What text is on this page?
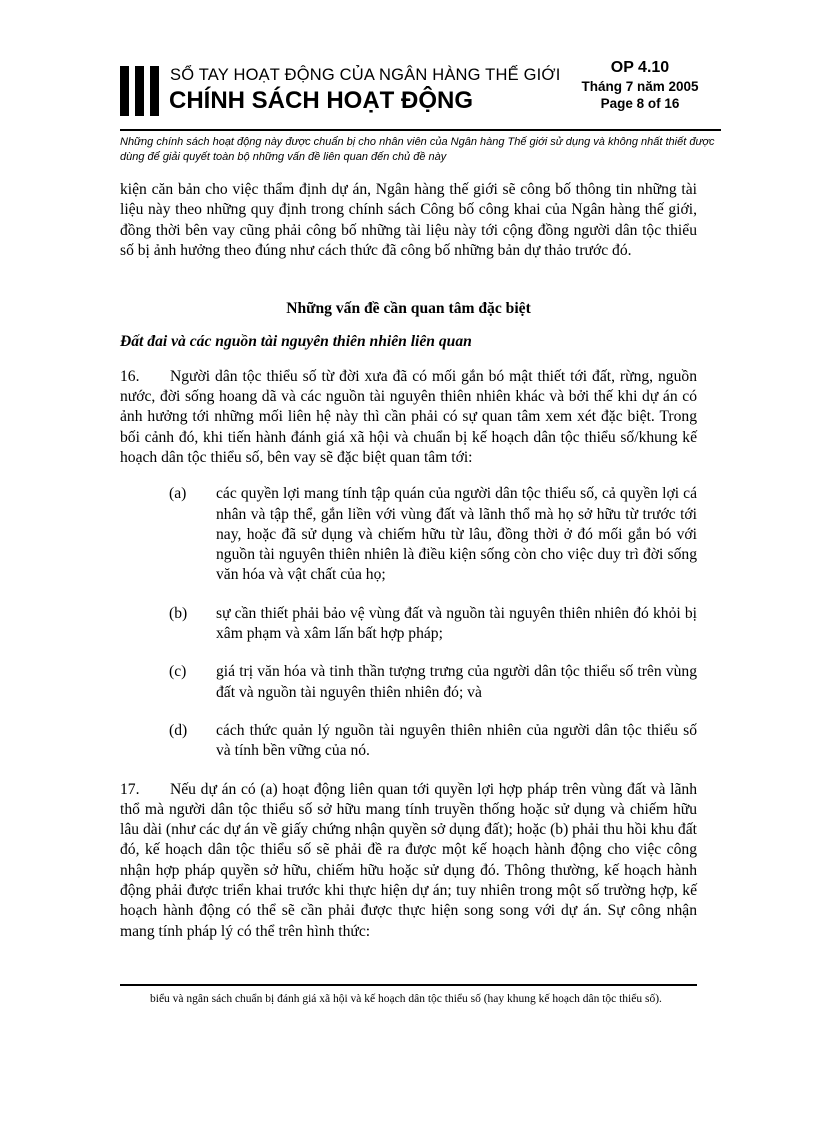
SỔ TAY HOẠT ĐỘNG CỦA NGÂN HÀNG THẾ GIỚI
CHÍNH SÁCH HOẠT ĐỘNG
OP 4.10
Tháng 7 năm 2005
Page 8 of 16
Những chính sách hoạt động này được chuẩn bị cho nhân viên của Ngân hàng Thế giới sử dụng và không nhất thiết được dùng để giải quyết toàn bộ những vấn đề liên quan đến chủ đề này

kiện căn bản cho việc thẩm định dự án, Ngân hàng thế giới sẽ công bố thông tin những tài liệu này theo những quy định trong chính sách Công bố công khai của Ngân hàng thế giới, đồng thời bên vay cũng phải công bố những tài liệu này tới cộng đồng người dân tộc thiểu số bị ảnh hưởng theo đúng như cách thức đã công bố những bản dự thảo trước đó.

Những vấn đề cần quan tâm đặc biệt

Đất đai và các nguồn tài nguyên thiên nhiên liên quan

16. Người dân tộc thiểu số từ đời xưa đã có mối gắn bó mật thiết tới đất, rừng, nguồn nước, đời sống hoang dã và các nguồn tài nguyên thiên nhiên khác và bởi thế khi dự án có ảnh hưởng tới những mối liên hệ này thì cần phải có sự quan tâm xem xét đặc biệt. Trong bối cảnh đó, khi tiến hành đánh giá xã hội và chuẩn bị kế hoạch dân tộc thiểu số/khung kế hoạch dân tộc thiểu số, bên vay sẽ đặc biệt quan tâm tới:

(a) các quyền lợi mang tính tập quán của người dân tộc thiểu số, cả quyền lợi cá nhân và tập thể, gắn liền với vùng đất và lãnh thổ mà họ sở hữu từ trước tới nay, hoặc đã sử dụng và chiếm hữu từ lâu, đồng thời ở đó mối gắn bó với nguồn tài nguyên thiên nhiên là điều kiện sống còn cho việc duy trì đời sống văn hóa và vật chất của họ;
(b) sự cần thiết phải bảo vệ vùng đất và nguồn tài nguyên thiên nhiên đó khỏi bị xâm phạm và xâm lấn bất hợp pháp;
(c) giá trị văn hóa và tinh thần tượng trưng của người dân tộc thiểu số trên vùng đất và nguồn tài nguyên thiên nhiên đó; và
(d) cách thức quản lý nguồn tài nguyên thiên nhiên của người dân tộc thiểu số và tính bền vững của nó.

17. Nếu dự án có (a) hoạt động liên quan tới quyền lợi hợp pháp trên vùng đất và lãnh thổ mà người dân tộc thiểu số sở hữu mang tính truyền thống hoặc sử dụng và chiếm hữu lâu dài (như các dự án về giấy chứng nhận quyền sở dụng đất); hoặc (b) phải thu hồi khu đất đó, kế hoạch dân tộc thiểu số sẽ phải đề ra được một kế hoạch hành động cho việc công nhận hợp pháp quyền sở hữu, chiếm hữu hoặc sử dụng đó. Thông thường, kế hoạch hành động phải được triển khai trước khi thực hiện dự án; tuy nhiên trong một số trường hợp, kế hoạch hành động có thể sẽ cần phải được thực hiện song song với dự án. Sự công nhận mang tính pháp lý có thể trên hình thức:

biểu và ngân sách chuẩn bị đánh giá xã hội và kế hoạch dân tộc thiểu số (hay khung kế hoạch dân tộc thiểu số).
